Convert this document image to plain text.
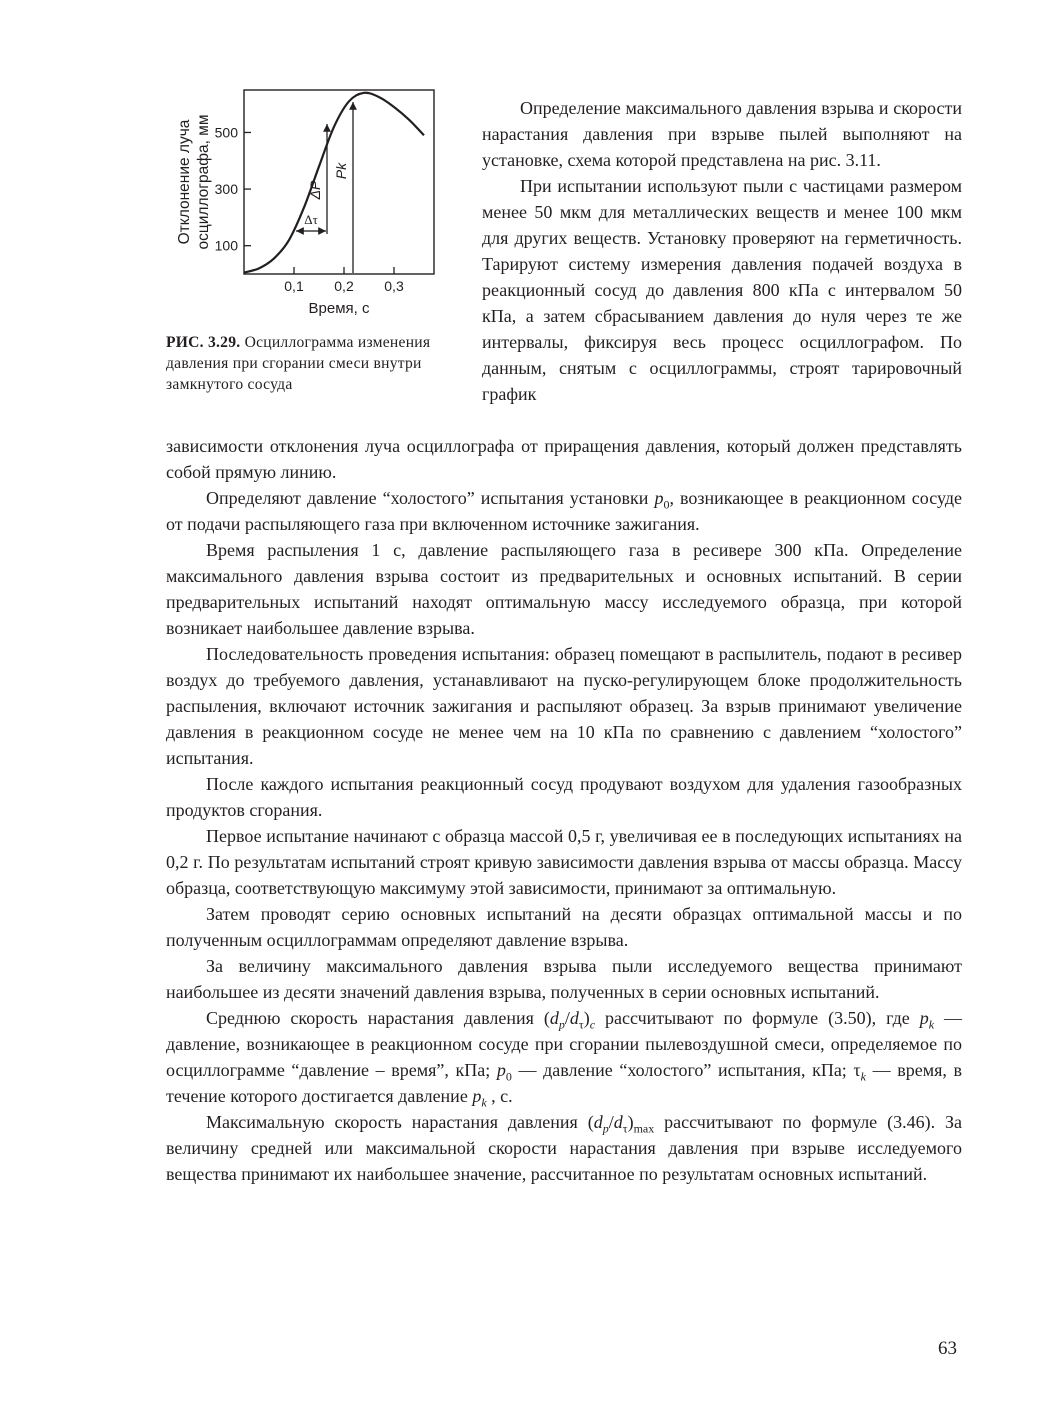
Отклонение луча осциллографа, мм
Время, с
0,1 0,2 0,3
100
300
500
ΔP
Pk
Δτ
РИС. 3.29. Осциллограмма изменения давления при сгорании смеси внутри замкнутого сосуда

Определение максимального давления взрыва и скорости нарастания давления при взрыве пылей выполняют на установке, схема которой представлена на рис. 3.11.

При испытании используют пыли с частицами размером менее 50 мкм для металлических веществ и менее 100 мкм для других веществ. Установку проверяют на герметичность. Тарируют систему измерения давления подачей воздуха в реакционный сосуд до давления 800 кПа с интервалом 50 кПа, а затем сбрасыванием давления до нуля через те же интервалы, фиксируя весь процесс осциллографом. По данным, снятым с осциллограммы, строят тарировочный график

зависимости отклонения луча осциллографа от приращения давления, который должен представлять собой прямую линию.

Определяют давление “холостого” испытания установки $p_0$, возникающее в реакционном сосуде от подачи распыляющего газа при включенном источнике зажигания.

Время распыления 1 с, давление распыляющего газа в ресивере 300 кПа. Определение максимального давления взрыва состоит из предварительных и основных испытаний. В серии предварительных испытаний находят оптимальную массу исследуемого образца, при которой возникает наибольшее давление взрыва.

Последовательность проведения испытания: образец помещают в распылитель, подают в ресивер воздух до требуемого давления, устанавливают на пуско-регулирующем блоке продолжительность распыления, включают источник зажигания и распыляют образец. За взрыв принимают увеличение давления в реакционном сосуде не менее чем на 10 кПа по сравнению с давлением “холостого” испытания.

После каждого испытания реакционный сосуд продувают воздухом для удаления газообразных продуктов сгорания.

Первое испытание начинают с образца массой 0,5 г, увеличивая ее в последующих испытаниях на 0,2 г. По результатам испытаний строят кривую зависимости давления взрыва от массы образца. Массу образца, соответствующую максимуму этой зависимости, принимают за оптимальную.

Затем проводят серию основных испытаний на десяти образцах оптимальной массы и по полученным осциллограммам определяют давление взрыва.

За величину максимального давления взрыва пыли исследуемого вещества принимают наибольшее из десяти значений давления взрыва, полученных в серии основных испытаний.

Среднюю скорость нарастания давления $(d_p/d_\tau)_c$ рассчитывают по формуле (3.50), где $p_k$ — давление, возникающее в реакционном сосуде при сгорании пылевоздушной смеси, определяемое по осциллограмме “давление – время”, кПа; $p_0$ — давление “холостого” испытания, кПа; $\tau_k$ — время, в течение которого достигается давление $p_k$ , с.

Максимальную скорость нарастания давления $(d_p/d_\tau)_{max}$ рассчитывают по формуле (3.46). За величину средней или максимальной скорости нарастания давления при взрыве исследуемого вещества принимают их наибольшее значение, рассчитанное по результатам основных испытаний.

63
